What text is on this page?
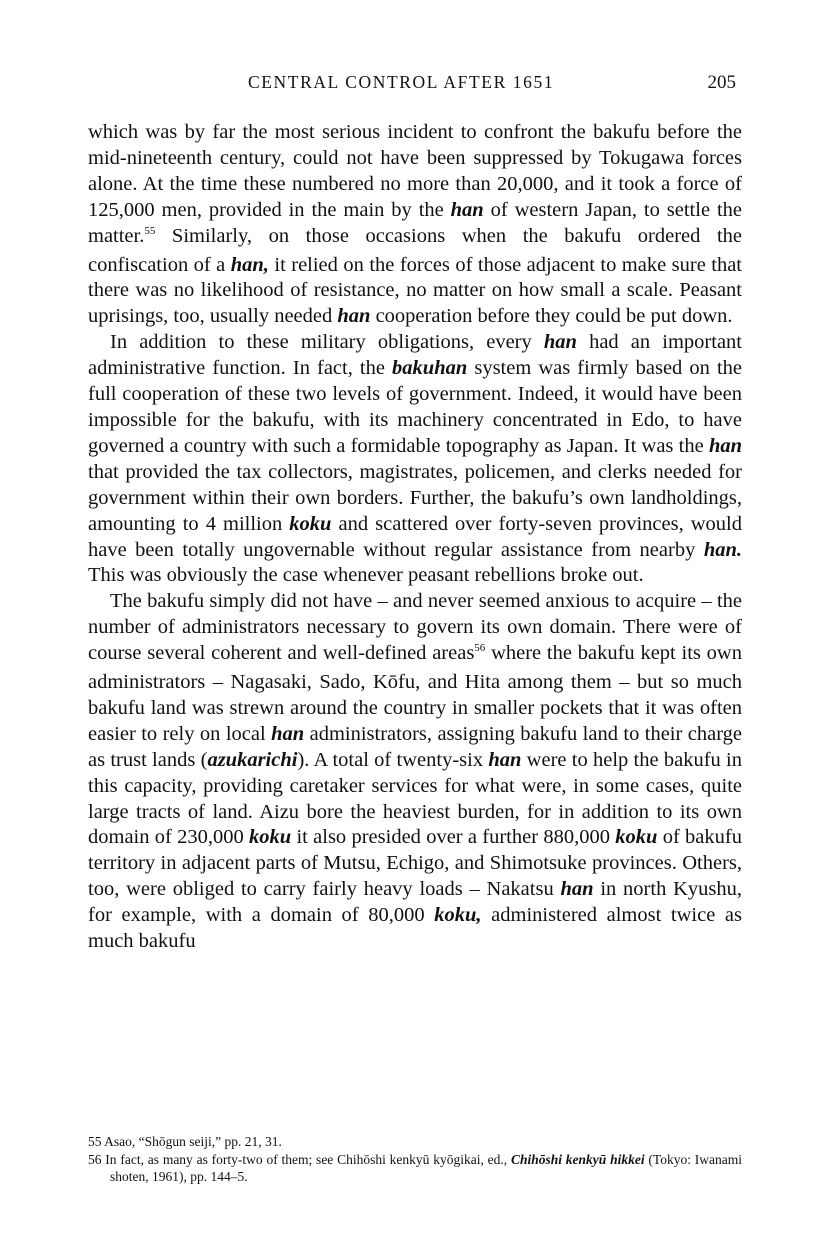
CENTRAL CONTROL AFTER 1651	205

which was by far the most serious incident to confront the bakufu before the mid-nineteenth century, could not have been suppressed by Tokugawa forces alone. At the time these numbered no more than 20,000, and it took a force of 125,000 men, provided in the main by the han of western Japan, to settle the matter.$^{55}$ Similarly, on those occasions when the bakufu ordered the confiscation of a han, it relied on the forces of those adjacent to make sure that there was no likelihood of resistance, no matter on how small a scale. Peasant uprisings, too, usually needed han cooperation before they could be put down.

In addition to these military obligations, every han had an important administrative function. In fact, the bakuhan system was firmly based on the full cooperation of these two levels of government. Indeed, it would have been impossible for the bakufu, with its machinery concentrated in Edo, to have governed a country with such a formidable topography as Japan. It was the han that provided the tax collectors, magistrates, policemen, and clerks needed for government within their own borders. Further, the bakufu’s own landholdings, amounting to 4 million koku and scattered over forty-seven provinces, would have been totally ungovernable without regular assistance from nearby han. This was obviously the case whenever peasant rebellions broke out.

The bakufu simply did not have – and never seemed anxious to acquire – the number of administrators necessary to govern its own domain. There were of course several coherent and well-defined areas$^{56}$ where the bakufu kept its own administrators – Nagasaki, Sado, Kōfu, and Hita among them – but so much bakufu land was strewn around the country in smaller pockets that it was often easier to rely on local han administrators, assigning bakufu land to their charge as trust lands (azukarichi). A total of twenty-six han were to help the bakufu in this capacity, providing caretaker services for what were, in some cases, quite large tracts of land. Aizu bore the heaviest burden, for in addition to its own domain of 230,000 koku it also presided over a further 880,000 koku of bakufu territory in adjacent parts of Mutsu, Echigo, and Shimotsuke provinces. Others, too, were obliged to carry fairly heavy loads – Nakatsu han in north Kyushu, for example, with a domain of 80,000 koku, administered almost twice as much bakufu

55 Asao, “Shōgun seiji,” pp. 21, 31.

56 In fact, as many as forty-two of them; see Chihōshi kenkyū kyōgikai, ed., Chihōshi kenkyū hikkei (Tokyo: Iwanami shoten, 1961), pp. 144–5.
